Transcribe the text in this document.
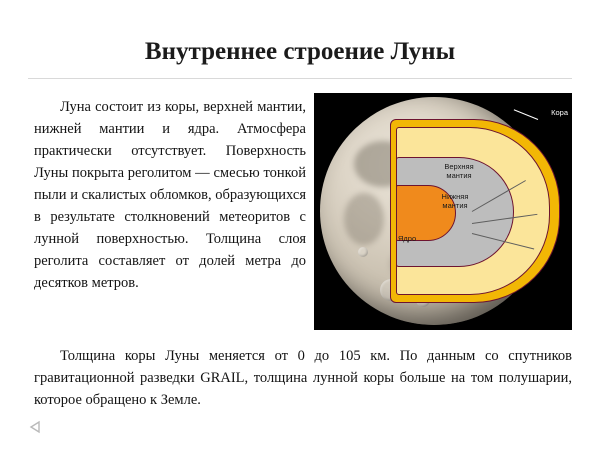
Внутреннее строение Луны
Луна состоит из коры, верхней мантии, нижней мантии и ядра. Атмосфера практически отсутствует. Поверхность Луны покрыта реголитом — смесью тонкой пыли и скалистых обломков, образующихся в результате столкновений метеоритов с лунной поверхностью. Толщина слоя реголита составляет от долей метра до десятков метров.
Верхняя
мантия
Нижняя
мантия
Ядро
Кора
Толщина коры Луны меняется от 0 до 105 км. По данным со спутников гравитационной разведки GRAIL, толщина лунной коры больше на том полушарии, которое обращено к Земле.
